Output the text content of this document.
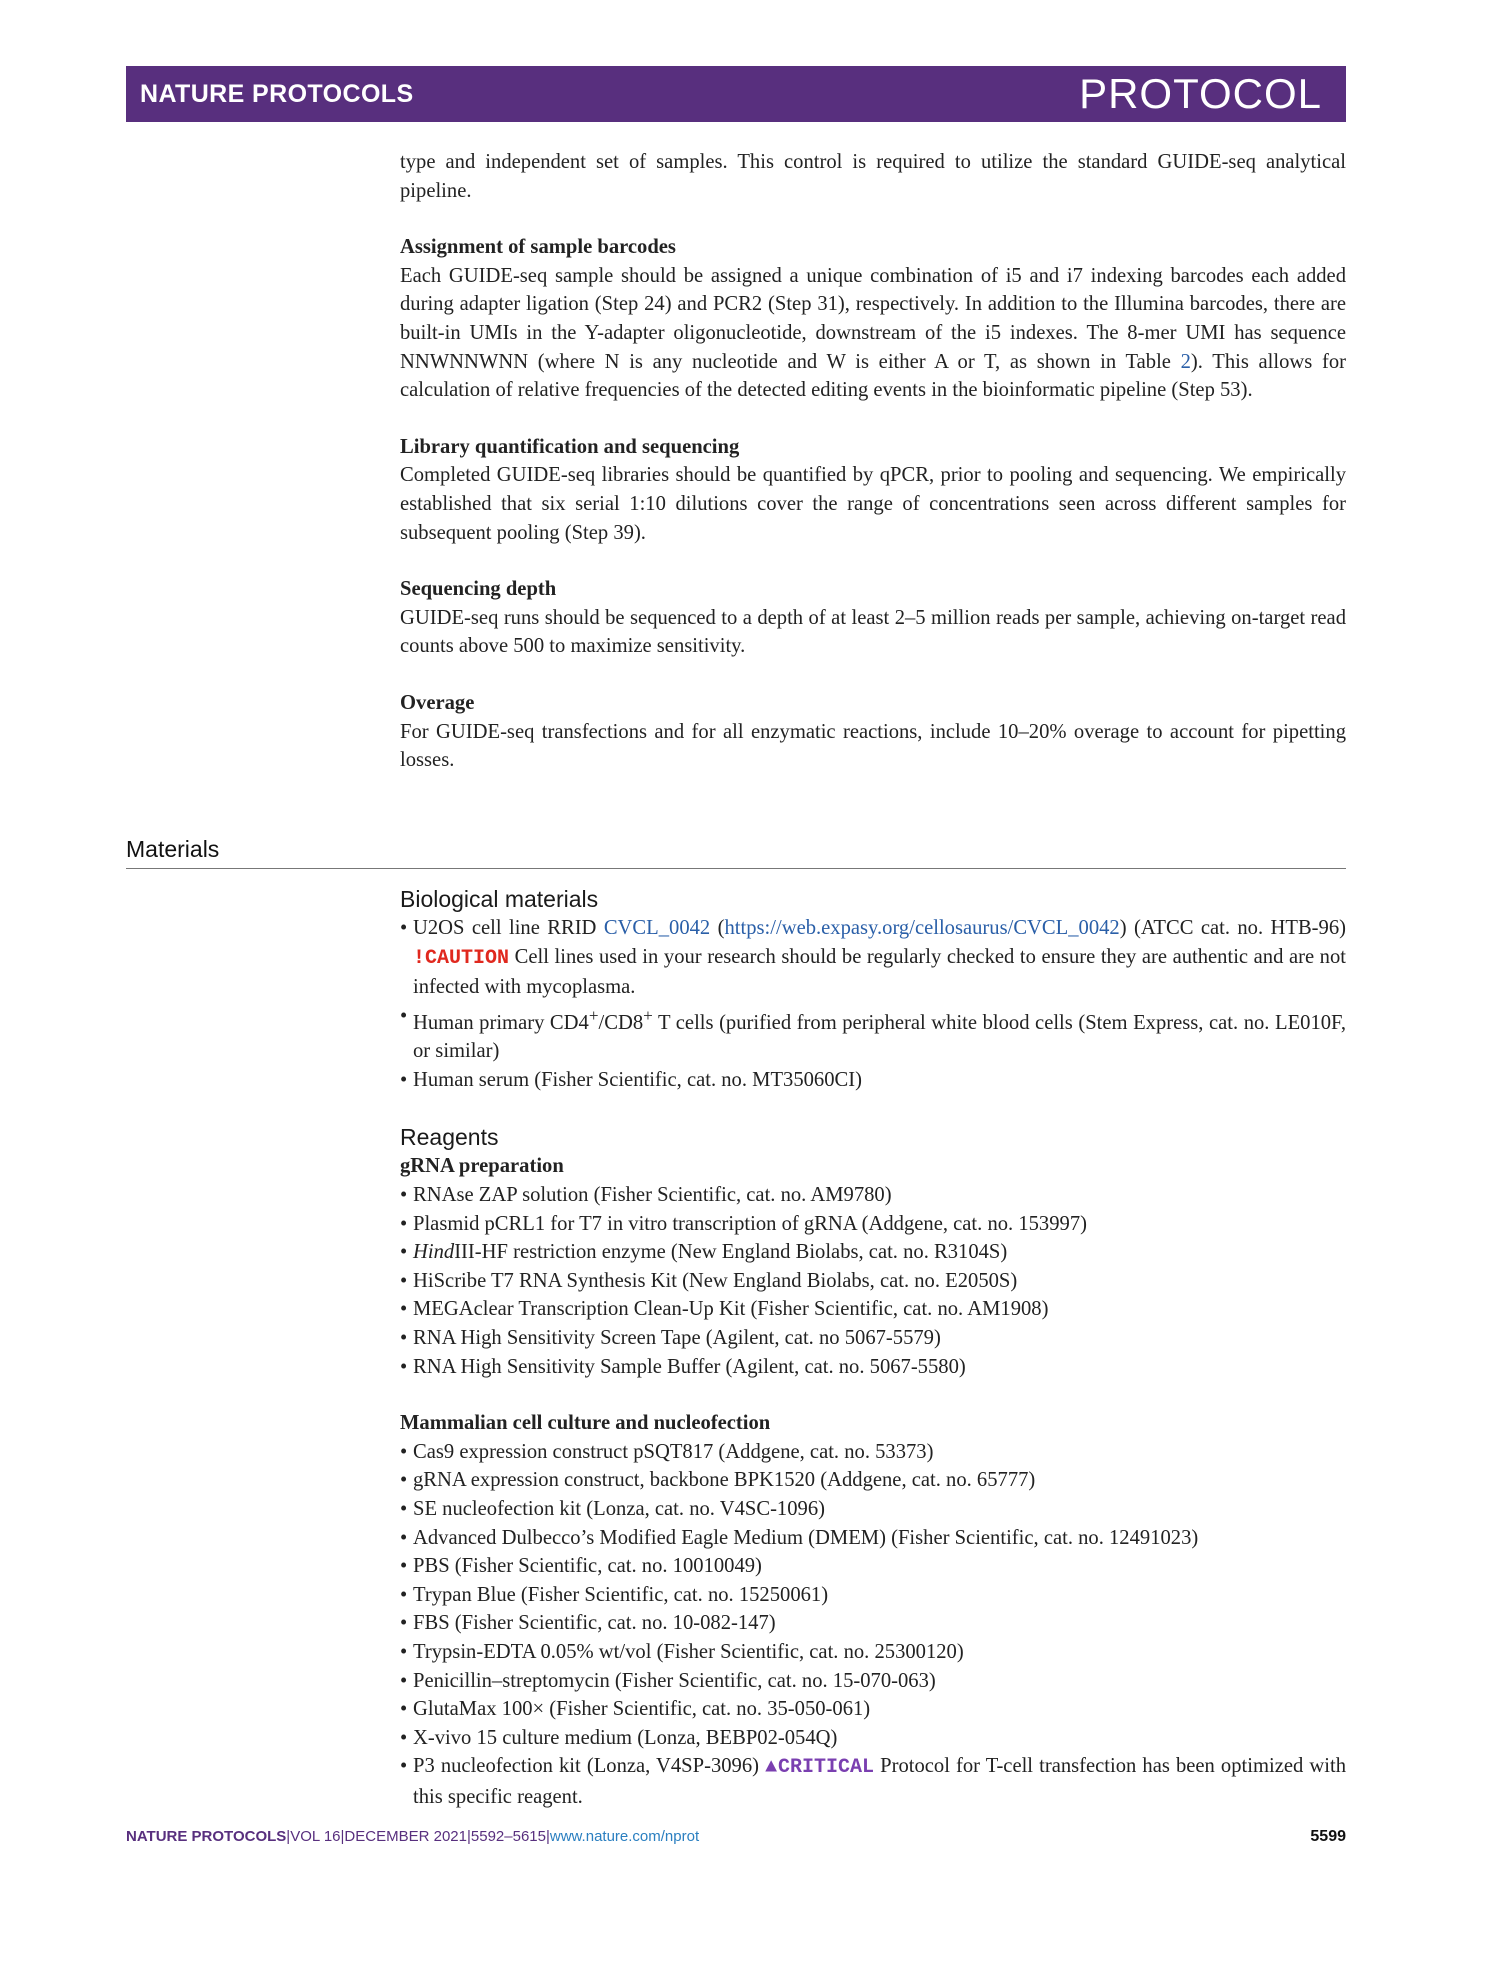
NATURE PROTOCOLS	PROTOCOL

type and independent set of samples. This control is required to utilize the standard GUIDE-seq analytical pipeline.

Assignment of sample barcodes

Each GUIDE-seq sample should be assigned a unique combination of i5 and i7 indexing barcodes each added during adapter ligation (Step 24) and PCR2 (Step 31), respectively. In addition to the Illumina barcodes, there are built-in UMIs in the Y-adapter oligonucleotide, downstream of the i5 indexes. The 8-mer UMI has sequence NNWNNWNN (where N is any nucleotide and W is either A or T, as shown in Table 2). This allows for calculation of relative frequencies of the detected editing events in the bioinformatic pipeline (Step 53).

Library quantification and sequencing

Completed GUIDE-seq libraries should be quantified by qPCR, prior to pooling and sequencing. We empirically established that six serial 1:10 dilutions cover the range of concentrations seen across different samples for subsequent pooling (Step 39).

Sequencing depth

GUIDE-seq runs should be sequenced to a depth of at least 2–5 million reads per sample, achieving on-target read counts above 500 to maximize sensitivity.

Overage

For GUIDE-seq transfections and for all enzymatic reactions, include 10–20% overage to account for pipetting losses.

Materials

Biological materials

• U2OS cell line RRID CVCL_0042 (https://web.expasy.org/cellosaurus/CVCL_0042) (ATCC cat. no. HTB-96) !CAUTION Cell lines used in your research should be regularly checked to ensure they are authentic and are not infected with mycoplasma.
• Human primary CD4+/CD8+ T cells (purified from peripheral white blood cells (Stem Express, cat. no. LE010F, or similar)
• Human serum (Fisher Scientific, cat. no. MT35060CI)

Reagents

gRNA preparation

• RNAse ZAP solution (Fisher Scientific, cat. no. AM9780)
• Plasmid pCRL1 for T7 in vitro transcription of gRNA (Addgene, cat. no. 153997)
• HindIII-HF restriction enzyme (New England Biolabs, cat. no. R3104S)
• HiScribe T7 RNA Synthesis Kit (New England Biolabs, cat. no. E2050S)
• MEGAclear Transcription Clean-Up Kit (Fisher Scientific, cat. no. AM1908)
• RNA High Sensitivity Screen Tape (Agilent, cat. no 5067-5579)
• RNA High Sensitivity Sample Buffer (Agilent, cat. no. 5067-5580)

Mammalian cell culture and nucleofection

• Cas9 expression construct pSQT817 (Addgene, cat. no. 53373)
• gRNA expression construct, backbone BPK1520 (Addgene, cat. no. 65777)
• SE nucleofection kit (Lonza, cat. no. V4SC-1096)
• Advanced Dulbecco’s Modified Eagle Medium (DMEM) (Fisher Scientific, cat. no. 12491023)
• PBS (Fisher Scientific, cat. no. 10010049)
• Trypan Blue (Fisher Scientific, cat. no. 15250061)
• FBS (Fisher Scientific, cat. no. 10-082-147)
• Trypsin-EDTA 0.05% wt/vol (Fisher Scientific, cat. no. 25300120)
• Penicillin–streptomycin (Fisher Scientific, cat. no. 15-070-063)
• GlutaMax 100× (Fisher Scientific, cat. no. 35-050-061)
• X-vivo 15 culture medium (Lonza, BEBP02-054Q)
• P3 nucleofection kit (Lonza, V4SP-3096) ▲CRITICAL Protocol for T-cell transfection has been optimized with this specific reagent.
NATURE PROTOCOLS|VOL 16|DECEMBER 2021|5592–5615|www.nature.com/nprot	5599
